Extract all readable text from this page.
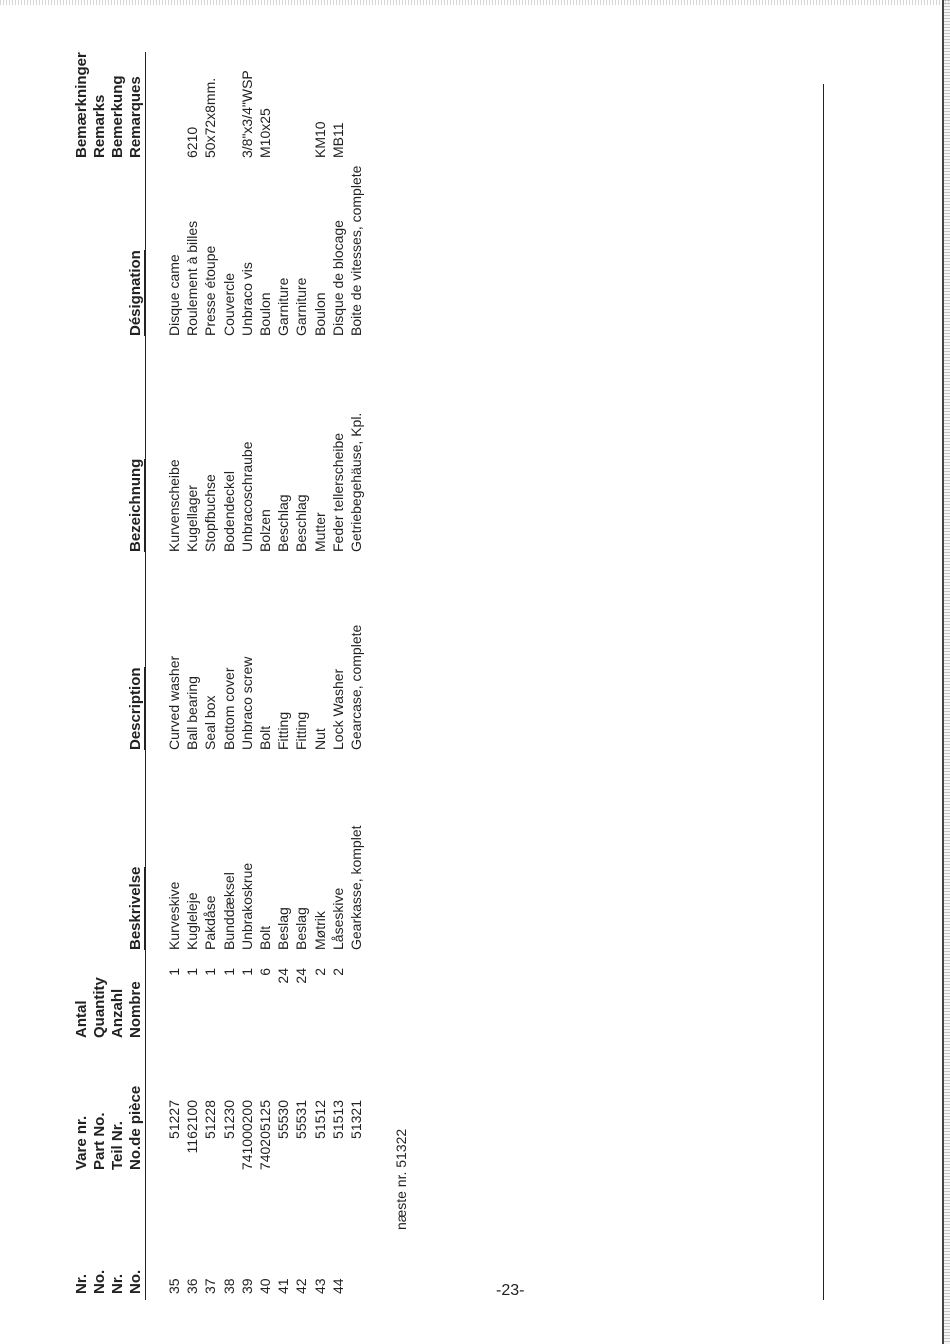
Nr. No. Nr. No.
Vare nr. Part No. Teil Nr. No.de pièce
Antal Quantity Anzahl Nombre
Beskrivelse
Description
Bezeichnung
Désignation
Bemærkninger Remarks Bemerkung Remarques
35
51227
1
Kurveskive
Curved washer
Kurvenscheibe
Disque came
36
1162100
1
Kugleleje
Ball bearing
Kugellager
Roulement à billes
6210
37
51228
1
Pakdåse
Seal box
Stopfbuchse
Presse étoupe
50x72x8mm.
38
51230
1
Bunddæksel
Bottom cover
Bodendeckel
Couvercle
39
741000200
1
Unbrakoskrue
Unbraco screw
Unbracoschraube
Unbraco vis
3/8"x3/4"WSP
40
740205125
6
Bolt
Bolt
Bolzen
Boulon
M10x25
41
55530
24
Beslag
Fitting
Beschlag
Garniture
42
55531
24
Beslag
Fitting
Beschlag
Garniture
43
51512
2
Møtrik
Nut
Mutter
Boulon
KM10
44
51513
2
Låseskive
Lock Washer
Feder tellerscheibe
Disque de blocage
MB11
51321
Gearkasse, komplet
Gearcase, complete
Getriebegehäuse, Kpl.
Boite de vitesses, complete
næste nr. 51322
-23-
